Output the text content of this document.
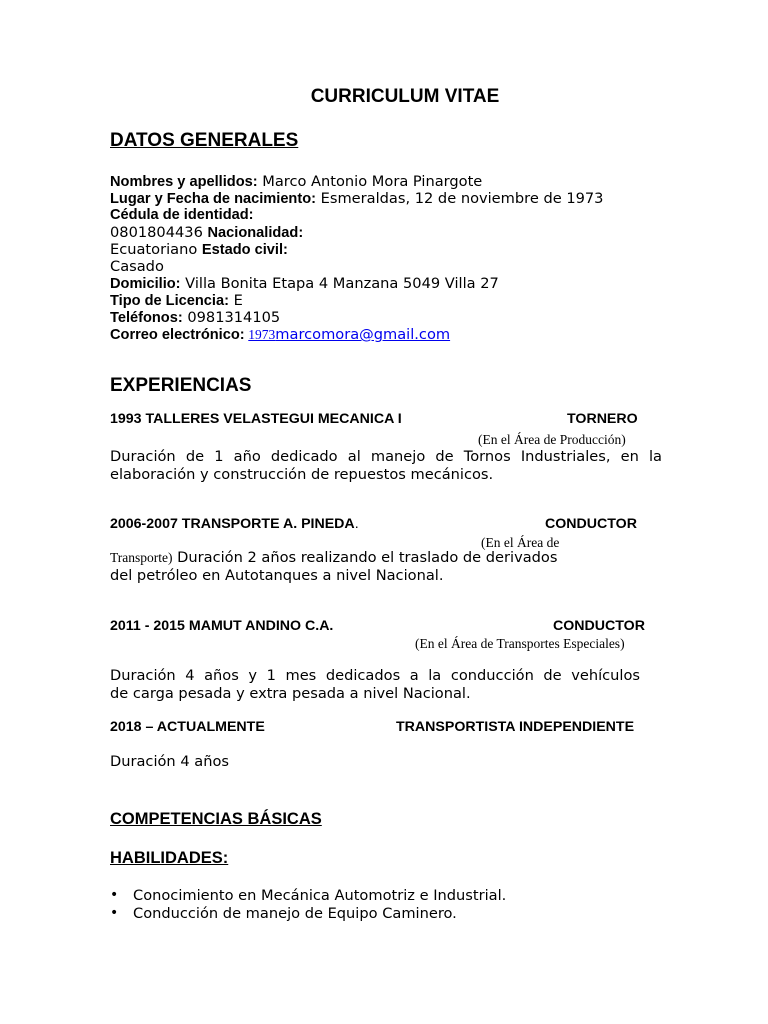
CURRICULUM VITAE
DATOS GENERALES
Nombres y apellidos: Marco Antonio Mora Pinargote
Lugar y Fecha de nacimiento: Esmeraldas, 12 de noviembre de 1973
Cédula de identidad:
0801804436 Nacionalidad:
Ecuatoriano Estado civil:
Casado
Domicilio: Villa Bonita Etapa 4 Manzana 5049 Villa 27
Tipo de Licencia: E
Teléfonos: 0981314105
Correo electrónico: 1973marcomora@gmail.com
EXPERIENCIAS
1993 TALLERES VELASTEGUI MECANICA I	TORNERO
(En el Área de Producción)
Duración de 1 año dedicado al manejo de Tornos Industriales, en la
elaboración y construcción de repuestos mecánicos.
2006-2007 TRANSPORTE A. PINEDA.	CONDUCTOR
(En el Área de
Transporte) Duración 2 años realizando el traslado de derivados
del petróleo en Autotanques a nivel Nacional.
2011 - 2015 MAMUT ANDINO C.A.	CONDUCTOR
(En el Área de Transportes Especiales)
Duración 4 años y 1 mes dedicados a la conducción de vehículos
de carga pesada y extra pesada a nivel Nacional.
2018 – ACTUALMENTE	TRANSPORTISTA INDEPENDIENTE
Duración 4 años
COMPETENCIAS BÁSICAS
HABILIDADES:
• Conocimiento en Mecánica Automotriz e Industrial.
• Conducción de manejo de Equipo Caminero.
